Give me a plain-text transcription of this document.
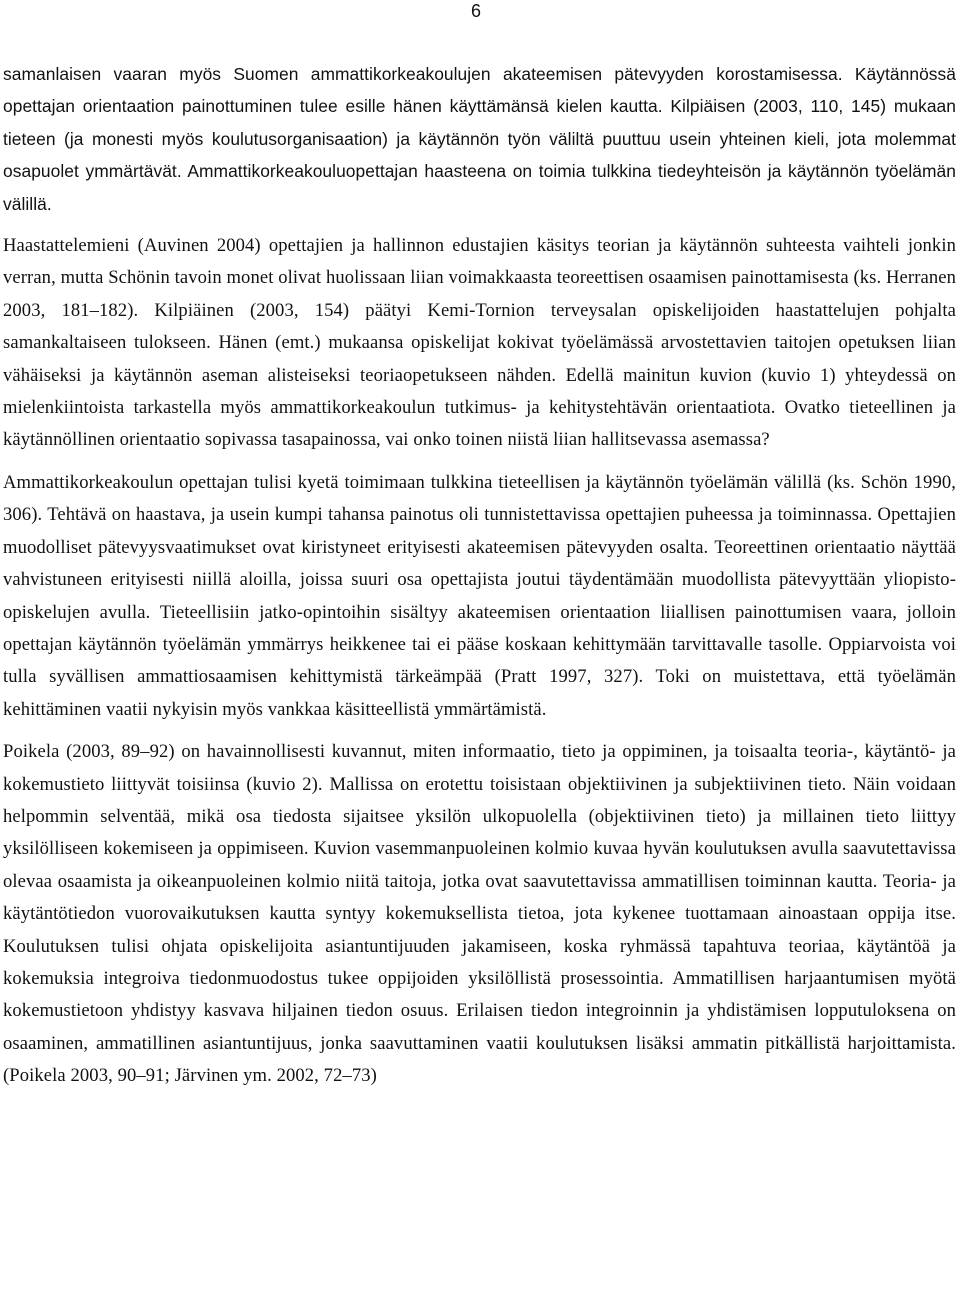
6

samanlaisen vaaran myös Suomen ammattikorkeakoulujen akateemisen pätevyyden korostamisessa. Käytännössä opettajan orientaation painottuminen tulee esille hänen käyttämänsä kielen kautta. Kilpiäisen (2003, 110, 145) mukaan tieteen (ja monesti myös koulutusorganisaation) ja käytännön työn väliltä puuttuu usein yhteinen kieli, jota molemmat osapuolet ymmärtävät. Ammattikorkeakouluopettajan haasteena on toimia tulkkina tiedeyhteisön ja käytännön työelämän välillä.

Haastattelemieni (Auvinen 2004) opettajien ja hallinnon edustajien käsitys teorian ja käytännön suhteesta vaihteli jonkin verran, mutta Schönin tavoin monet olivat huolissaan liian voimakkaasta teoreettisen osaamisen painottamisesta (ks. Herranen 2003, 181–182). Kilpiäinen (2003, 154) päätyi Kemi-Tornion terveysalan opiskelijoiden haastattelujen pohjalta samankaltaiseen tulokseen. Hänen (emt.) mukaansa opiskelijat kokivat työelämässä arvostettavien taitojen opetuksen liian vähäiseksi ja käytännön aseman alisteiseksi teoriaopetukseen nähden. Edellä mainitun kuvion (kuvio 1) yhteydessä on mielenkiintoista tarkastella myös ammattikorkeakoulun tutkimus- ja kehitystehtävän orientaatiota. Ovatko tieteellinen ja käytännöllinen orientaatio sopivassa tasapainossa, vai onko toinen niistä liian hallitsevassa asemassa?

Ammattikorkeakoulun opettajan tulisi kyetä toimimaan tulkkina tieteellisen ja käytännön työelämän välillä (ks. Schön 1990, 306). Tehtävä on haastava, ja usein kumpi tahansa painotus oli tunnistettavissa opettajien puheessa ja toiminnassa. Opettajien muodolliset pätevyysvaatimukset ovat kiristyneet erityisesti akateemisen pätevyyden osalta. Teoreettinen orientaatio näyttää vahvistuneen erityisesti niillä aloilla, joissa suuri osa opettajista joutui täydentämään muodollista pätevyyttään yliopisto-opiskelujen avulla. Tieteellisiin jatko-opintoihin sisältyy akateemisen orientaation liiallisen painottumisen vaara, jolloin opettajan käytännön työelämän ymmärrys heikkenee tai ei pääse koskaan kehittymään tarvittavalle tasolle. Oppiarvoista voi tulla syvällisen ammattiosaamisen kehittymistä tärkeämpää (Pratt 1997, 327). Toki on muistettava, että työelämän kehittäminen vaatii nykyisin myös vankkaa käsitteellistä ymmärtämistä.

Poikela (2003, 89–92) on havainnollisesti kuvannut, miten informaatio, tieto ja oppiminen, ja toisaalta teoria-, käytäntö- ja kokemustieto liittyvät toisiinsa (kuvio 2). Mallissa on erotettu toisistaan objektiivinen ja subjektiivinen tieto. Näin voidaan helpommin selventää, mikä osa tiedosta sijaitsee yksilön ulkopuolella (objektiivinen tieto) ja millainen tieto liittyy yksilölliseen kokemiseen ja oppimiseen. Kuvion vasemmanpuoleinen kolmio kuvaa hyvän koulutuksen avulla saavutettavissa olevaa osaamista ja oikeanpuoleinen kolmio niitä taitoja, jotka ovat saavutettavissa ammatillisen toiminnan kautta. Teoria- ja käytäntötiedon vuorovaikutuksen kautta syntyy kokemuksellista tietoa, jota kykenee tuottamaan ainoastaan oppija itse. Koulutuksen tulisi ohjata opiskelijoita asiantuntijuuden jakamiseen, koska ryhmässä tapahtuva teoriaa, käytäntöä ja kokemuksia integroiva tiedonmuodostus tukee oppijoiden yksilöllistä prosessointia. Ammatillisen harjaantumisen myötä kokemustietoon yhdistyy kasvava hiljainen tiedon osuus. Erilaisen tiedon integroinnin ja yhdistämisen lopputuloksena on osaaminen, ammatillinen asiantuntijuus, jonka saavuttaminen vaatii koulutuksen lisäksi ammatin pitkällistä harjoittamista. (Poikela 2003, 90–91; Järvinen ym. 2002, 72–73)
